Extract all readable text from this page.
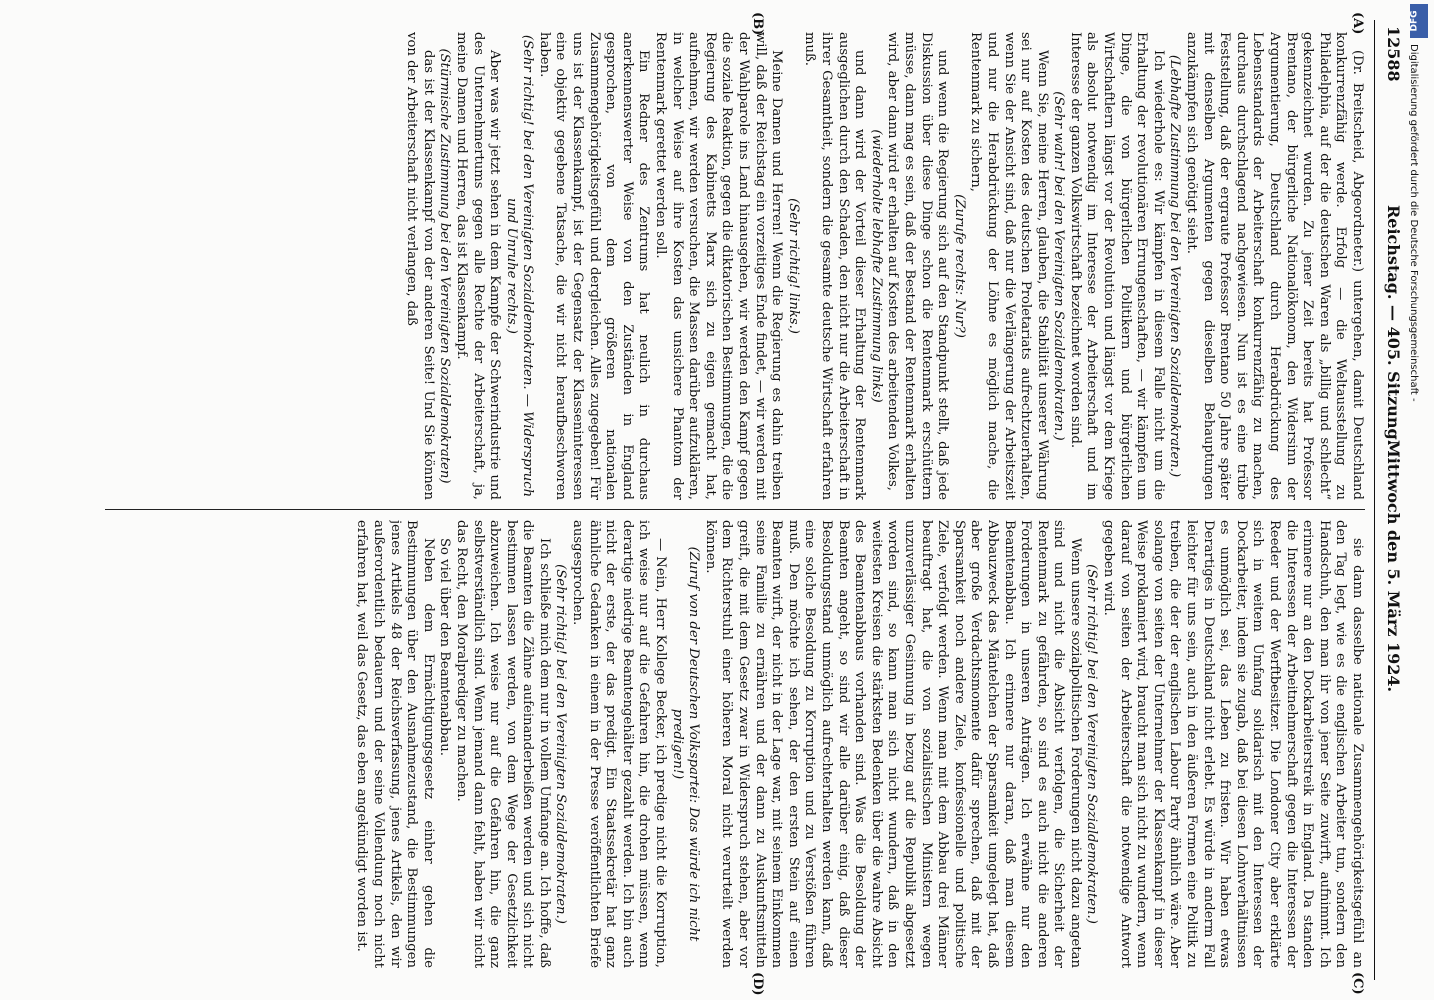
12588
Reichstag. — 405. Sitzung.
Mittwoch den 5. März 1924.
(A)
(B)
(C)
(D)

(Dr. Breitscheid, Abgeordneter.) untergehen, damit Deutschland konkurrenzfähig werde. Erfolg — die Weltausstellung zu Philadelphia, auf der die deutschen Waren als „billig und schlecht“ gekennzeichnet wurden. Zu jener Zeit bereits hat Professor Brentano, der bürgerliche Nationalökonom, den Widersinn der Argumentierung, Deutschland durch Herabdrückung des Lebensstandards der Arbeiterschaft konkurrenzfähig zu machen, durchaus durchschlagend nachgewiesen. Nun ist es eine trübe Feststellung, daß der ergraute Professor Brentano 50 Jahre später mit denselben Argumenten gegen dieselben Behauptungen anzukämpfen sich genötigt sieht.

(Lebhafte Zustimmung bei den Vereinigten Sozialdemokraten.)

Ich wiederhole es: Wir kämpfen in diesem Falle nicht um die Erhaltung der revolutionären Errungenschaften, — wir kämpfen um Dinge, die von bürgerlichen Politikern und bürgerlichen Wirtschaftlern längst vor der Revolution und längst vor dem Kriege als absolut notwendig im Interesse der Arbeiterschaft und im Interesse der ganzen Volkswirtschaft bezeichnet worden sind.

(Sehr wahr! bei den Vereinigten Sozialdemokraten.)

Wenn Sie, meine Herren, glauben, die Stabilität unserer Währung sei nur auf Kosten des deutschen Proletariats aufrechtzuerhalten, wenn Sie der Ansicht sind, daß nur die Verlängerung der Arbeitszeit und nur die Herabdrückung der Löhne es möglich mache, die Rentenmark zu sichern,

(Zurufe rechts: Nur?)

und wenn die Regierung sich auf den Standpunkt stellt, daß jede Diskussion über diese Dinge schon die Rentenmark erschüttern müsse, dann mag es sein, daß der Bestand der Rentenmark erhalten wird, aber dann wird er erhalten auf Kosten des arbeitenden Volkes,

(wiederholte lebhafte Zustimmung links)

und dann wird der Vorteil dieser Erhaltung der Rentenmark ausgeglichen durch den Schaden, den nicht nur die Arbeiterschaft in ihrer Gesamtheit, sondern die gesamte deutsche Wirtschaft erfahren muß.

(Sehr richtig! links.)

Meine Damen und Herren! Wenn die Regierung es dahin treiben will, daß der Reichstag ein vorzeitiges Ende findet, — wir werden mit der Wahlparole ins Land hinausgehen, wir werden den Kampf gegen die soziale Reaktion, gegen die diktatorischen Bestimmungen, die die Regierung des Kabinetts Marx sich zu eigen gemacht hat, aufnehmen, wir werden versuchen, die Massen darüber aufzuklären, in welcher Weise auf ihre Kosten das unsichere Phantom der Rentenmark gerettet werden soll.

Ein Redner des Zentrums hat neulich in durchaus anerkennenswerter Weise von den Zuständen in England gesprochen, von dem größeren nationalen Zusammengehörigkeitsgefühl und dergleichen. Alles zugegeben! Für uns ist der Klassenkampf, ist der Gegensatz der Klasseninteressen eine objektiv gegebene Tatsache, die wir nicht heraufbeschworen haben.

(Sehr richtig! bei den Vereinigten Sozialdemokraten. — Widerspruch und Unruhe rechts.)

Aber was wir jetzt sehen in dem Kampfe der Schwerindustrie und des Unternehmertums gegen alle Rechte der Arbeiterschaft, ja, meine Damen und Herren, das ist Klassenkampf.

(Stürmische Zustimmung bei den Vereinigten Sozialdemokraten)

das ist der Klassenkampf von der anderen Seite! Und Sie können von der Arbeiterschaft nicht verlangen, daß

sie dann dasselbe nationale Zusammengehörigkeitsgefühl an den Tag legt, wie es die englischen Arbeiter tun, sondern den Handschuh, den man ihr von jener Seite zuwirft, aufnimmt. Ich erinnere nur an den Dockarbeiterstreik in England. Da standen die Interessen der Arbeitnehmerschaft gegen die Interessen der Reeder und der Werftbesitzer. Die Londoner City aber erklärte sich in weitem Umfang solidarisch mit den Interessen der Dockarbeiter, indem sie zugab, daß bei diesen Lohnverhältnissen es unmöglich sei, das Leben zu fristen. Wir haben etwas Derartiges in Deutschland nicht erlebt. Es würde in anderm Fall leichter für uns sein, auch in den äußeren Formen eine Politik zu treiben, die der der englischen Labour Party ähnlich wäre. Aber solange von seiten der Unternehmer der Klassenkampf in dieser Weise proklamiert wird, braucht man sich nicht zu wundern, wenn darauf von seiten der Arbeiterschaft die notwendige Antwort gegeben wird.

(Sehr richtig! bei den Vereinigten Sozialdemokraten.)

Wenn unsere sozialpolitischen Forderungen nicht dazu angetan sind und nicht die Absicht verfolgen, die Sicherheit der Rentenmark zu gefährden, so sind es auch nicht die anderen Forderungen in unseren Anträgen. Ich erwähne nur den Beamtenabbau. Ich erinnere nur daran, daß man diesem Abbauzweck das Mäntelchen der Sparsamkeit umgelegt hat, daß aber große Verdachtsmomente dafür sprechen, daß mit der Sparsamkeit noch andere Ziele, konfessionelle und politische Ziele, verfolgt werden. Wenn man mit dem Abbau drei Männer beauftragt hat, die von sozialistischen Ministern wegen unzuverlässiger Gesinnung in bezug auf die Republik abgesetzt worden sind, so kann man sich nicht wundern, daß in den weitesten Kreisen die stärksten Bedenken über die wahre Absicht des Beamtenabbaus vorhanden sind. Was die Besoldung der Beamten angeht, so sind wir alle darüber einig, daß dieser Besoldungsstand unmöglich aufrechterhalten werden kann, daß eine solche Besoldung zu Korruption und zu Verstößen führen muß. Den möchte ich sehen, der den ersten Stein auf einen Beamten wirft, der nicht in der Lage war, mit seinem Einkommen seine Familie zu ernähren und der dann zu Auskunftsmitteln greift, die mit dem Gesetz zwar in Widerspruch stehen, aber vor dem Richterstuhl einer höheren Moral nicht verurteilt werden können.

(Zuruf von der Deutschen Volkspartei: Das würde ich nicht predigen!)

— Nein, Herr Kollege Becker, ich predige nicht die Korruption, ich weise nur auf die Gefahren hin, die drohen müssen, wenn derartige niedrige Beamtengehälter gezahlt werden. Ich bin auch nicht der erste, der das predigt. Ein Staatssekretär hat ganz ähnliche Gedanken in einem in der Presse veröffentlichten Briefe ausgesprochen.

(Sehr richtig! bei den Vereinigten Sozialdemokraten.)

Ich schließe mich dem nur in vollem Umfange an. Ich hoffe, daß die Beamten die Zähne aufeinanderbeißen werden und sich nicht bestimmen lassen werden, von dem Wege der Gesetzlichkeit abzuweichen. Ich weise nur auf die Gefahren hin, die ganz selbstverständlich sind. Wenn jemand dann fehlt, haben wir nicht das Recht, den Moralprediger zu machen.

So viel über den Beamtenabbau.

Neben dem Ermächtigungsgesetz einher gehen die Bestimmungen über den Ausnahmezustand, die Bestimmungen jenes Artikels 48 der Reichsverfassung, jenes Artikels, den wir außerordentlich bedauern und der seine Vollendung noch nicht erfahren hat, weil das Gesetz, das eben angekündigt worden ist.

DFG
Digitalisierung gefördert durch die Deutsche Forschungsgemeinschaft -
